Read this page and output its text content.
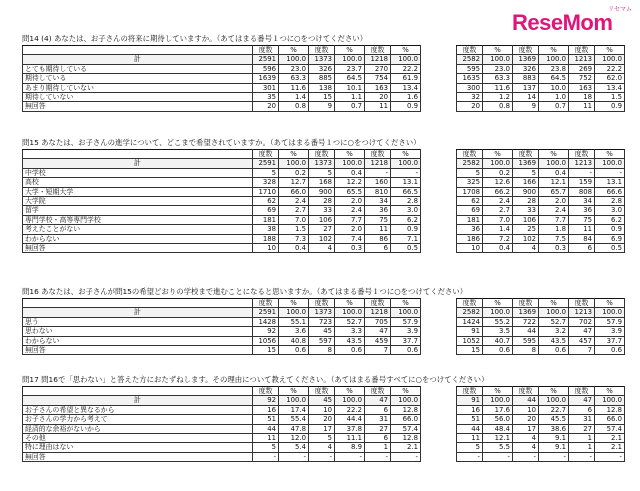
リセマム
ReseMom
問14 (4) あなたは、お子さんの将来に期待していますか。（あてはまる番号１つに○をつけてください）
	度数	%	度数	%	度数	%
計	2591	100.0	1373	100.0	1218	100.0
とても期待している	596	23.0	326	23.7	270	22.2
期待している	1639	63.3	885	64.5	754	61.9
あまり期待していない	301	11.6	138	10.1	163	13.4
期待していない	35	1.4	15	1.1	20	1.6
無回答	20	0.8	9	0.7	11	0.9
度数	%	度数	%	度数	%
2582	100.0	1369	100.0	1213	100.0
595	23.0	326	23.8	269	22.2
1635	63.3	883	64.5	752	62.0
300	11.6	137	10.0	163	13.4
32	1.2	14	1.0	18	1.5
20	0.8	9	0.7	11	0.9
問15 あなたは、お子さんの進学について、どこまで希望されていますか。（あてはまる番号１つに○をつけてください）
	度数	%	度数	%	度数	%
計	2591	100.0	1373	100.0	1218	100.0
中学校	5	0.2	5	0.4	-	-
高校	328	12.7	168	12.2	160	13.1
大学・短期大学	1710	66.0	900	65.5	810	66.5
大学院	62	2.4	28	2.0	34	2.8
留学	69	2.7	33	2.4	36	3.0
専門学校・高等専門学校	181	7.0	106	7.7	75	6.2
考えたことがない	38	1.5	27	2.0	11	0.9
わからない	188	7.3	102	7.4	86	7.1
無回答	10	0.4	4	0.3	6	0.5
度数	%	度数	%	度数	%
2582	100.0	1369	100.0	1213	100.0
5	0.2	5	0.4	-	-
325	12.6	166	12.1	159	13.1
1708	66.2	900	65.7	808	66.6
62	2.4	28	2.0	34	2.8
69	2.7	33	2.4	36	3.0
181	7.0	106	7.7	75	6.2
36	1.4	25	1.8	11	0.9
186	7.2	102	7.5	84	6.9
10	0.4	4	0.3	6	0.5
問16 あなたは、お子さんが問15の希望どおりの学校まで進むことになると思いますか。（あてはまる番号１つに○をつけてください）
	度数	%	度数	%	度数	%
計	2591	100.0	1373	100.0	1218	100.0
思う	1428	55.1	723	52.7	705	57.9
思わない	92	3.6	45	3.3	47	3.9
わからない	1056	40.8	597	43.5	459	37.7
無回答	15	0.6	8	0.6	7	0.6
度数	%	度数	%	度数	%
2582	100.0	1369	100.0	1213	100.0
1424	55.2	722	52.7	702	57.9
91	3.5	44	3.2	47	3.9
1052	40.7	595	43.5	457	37.7
15	0.6	8	0.6	7	0.6
問17 問16で「思わない」と答えた方におたずねします。その理由について教えてください。（あてはまる番号すべてに○をつけてください）
	度数	%	度数	%	度数	%
計	92	100.0	45	100.0	47	100.0
お子さんの希望と異なるから	16	17.4	10	22.2	6	12.8
お子さんの学力から考えて	51	55.4	20	44.4	31	66.0
経済的な余裕がないから	44	47.8	17	37.8	27	57.4
その他	11	12.0	5	11.1	6	12.8
特に理由はない	5	5.4	4	8.9	1	2.1
無回答	-	-	-	-	-	-
度数	%	度数	%	度数	%
91	100.0	44	100.0	47	100.0
16	17.6	10	22.7	6	12.8
51	56.0	20	45.5	31	66.0
44	48.4	17	38.6	27	57.4
11	12.1	4	9.1	1	2.1
5	5.5	4	9.1	1	2.1
-	-	-	-	-	-
